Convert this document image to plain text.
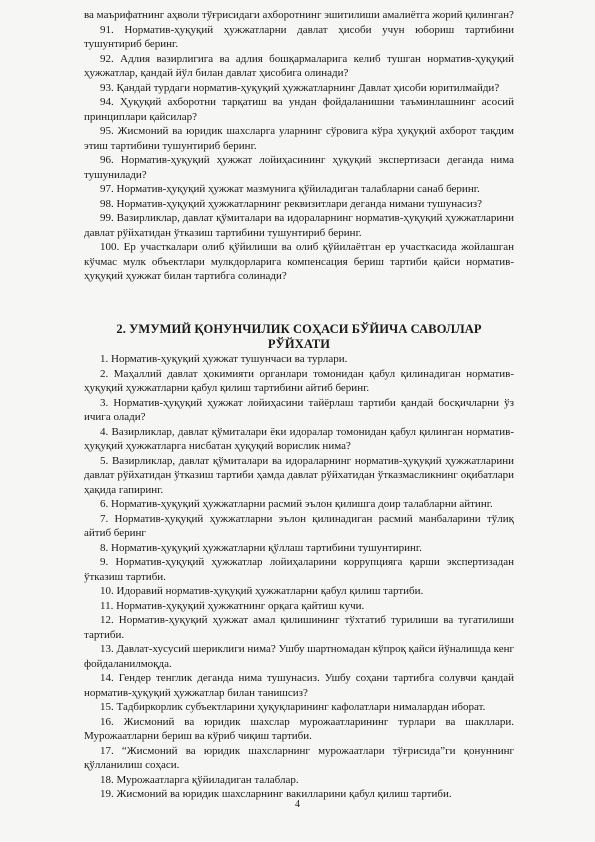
ва маърифатнинг аҳволи тўғрисидаги ахборотнинг эшитилиши амалиётга жорий қилинган?

91. Норматив-ҳуқуқий ҳужжатларни давлат ҳисоби учун юбориш тартибини тушунтириб беринг.

92. Адлия вазирлигига ва адлия бошқармаларига келиб тушган норматив-ҳуқуқий ҳужжатлар, қандай йўл билан давлат ҳисобига олинади?

93. Қандай турдаги норматив-ҳуқуқий ҳужжатларнинг Давлат ҳисоби юритилмайди?

94. Ҳуқуқий ахборотни тарқатиш ва ундан фойдаланишни таъминлашнинг асосий принциплари қайсилар?

95. Жисмоний ва юридик шахсларга уларнинг сўровига кўра ҳуқуқий ахборот тақдим этиш тартибини тушунтириб беринг.

96. Норматив-ҳуқуқий ҳужжат лойиҳасининг ҳуқуқий экспертизаси деганда нима тушунилади?

97. Норматив-ҳуқуқий ҳужжат мазмунига қўйиладиган талабларни санаб беринг.

98. Норматив-ҳуқуқий ҳужжатларнинг реквизитлари деганда нимани тушунасиз?

99. Вазирликлар, давлат қўмиталари ва идораларнинг норматив-ҳуқуқий ҳужжатларини давлат рўйхатидан ўтказиш тартибини тушунтириб беринг.

100. Ер участкалари олиб қўйилиши ва олиб қўйилаётган ер участкасида жойлашган кўчмас мулк объектлари мулкдорларига компенсация бериш тартиби қайси норматив-ҳуқуқий ҳужжат билан тартибга солинади?

2. УМУМИЙ ҚОНУНЧИЛИК СОҲАСИ БЎЙИЧА САВОЛЛАР РЎЙХАТИ

1. Норматив-ҳуқуқий ҳужжат тушунчаси ва турлари.

2. Маҳаллий давлат ҳокимияти органлари томонидан қабул қилинадиган норматив-ҳуқуқий ҳужжатларни қабул қилиш тартибини айтиб беринг.

3. Норматив-ҳуқуқий ҳужжат лойиҳасини тайёрлаш тартиби қандай босқичларни ўз ичига олади?

4. Вазирликлар, давлат қўмиталари ёки идоралар томонидан қабул қилинган норматив-ҳуқуқий ҳужжатларга нисбатан ҳуқуқий ворислик нима?

5. Вазирликлар, давлат қўмиталари ва идораларнинг норматив-ҳуқуқий ҳужжатларини давлат рўйхатидан ўтказиш тартиби ҳамда давлат рўйхатидан ўтказмасликнинг оқибатлари ҳақида гапиринг.

6. Норматив-ҳуқуқий ҳужжатларни расмий эълон қилишга доир талабларни айтинг.

7. Норматив-ҳуқуқий ҳужжатларни эълон қилинадиган расмий манбаларини тўлиқ айтиб беринг

8. Норматив-ҳуқуқий ҳужжатларни қўллаш тартибини тушунтиринг.

9. Норматив-ҳуқуқий ҳужжатлар лойиҳаларини коррупцияга қарши экспертизадан ўтказиш тартиби.

10. Идоравий норматив-ҳуқуқий ҳужжатларни қабул қилиш тартиби.

11. Норматив-ҳуқуқий ҳужжатнинг орқага қайтиш кучи.

12. Норматив-ҳуқуқий ҳужжат амал қилишининг тўхтатиб турилиши ва тугатилиши тартиби.

13. Давлат-хусусий шериклиги нима? Ушбу шартномадан кўпроқ қайси йўналишда кенг фойдаланилмоқда.

14. Гендер тенглик деганда нима тушунасиз. Ушбу соҳани тартибга солувчи қандай норматив-ҳуқуқий ҳужжатлар билан танишсиз?

15. Тадбиркорлик субъектларини ҳуқуқларининг кафолатлари нималардан иборат.

16. Жисмоний ва юридик шахслар мурожаатларининг турлари ва шакллари. Мурожаатларни бериш ва кўриб чиқиш тартиби.

17. “Жисмоний ва юридик шахсларнинг мурожаатлари тўғрисида”ги қонуннинг қўлланилиш соҳаси.

18. Мурожаатларга қўйиладиган талаблар.

19. Жисмоний ва юридик шахсларнинг вакилларини қабул қилиш тартиби.

4
